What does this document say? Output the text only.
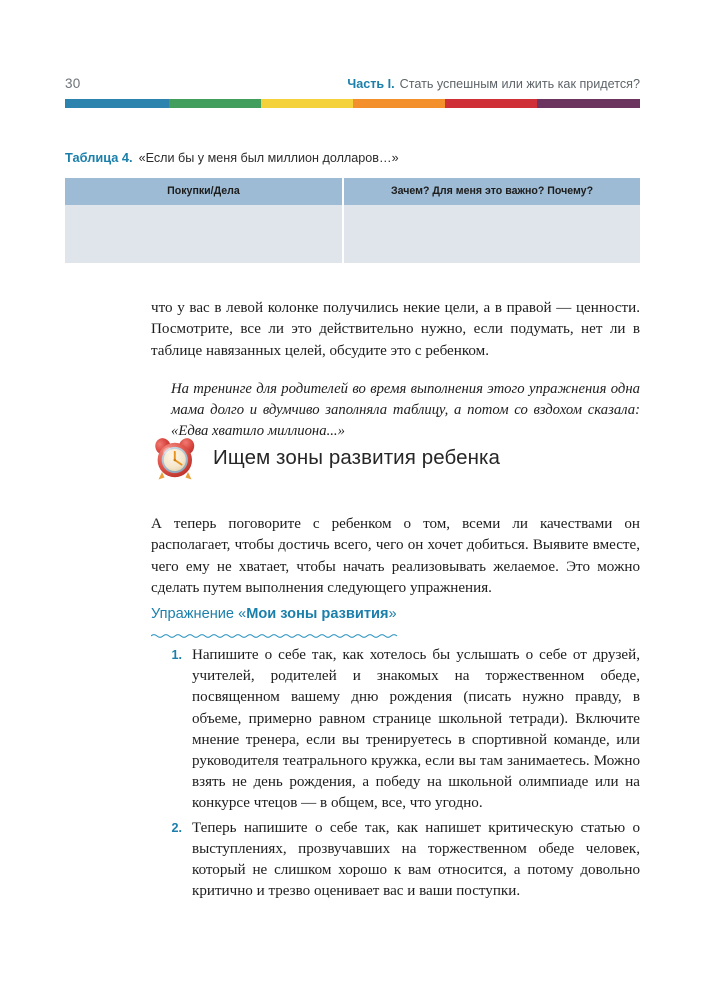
30	Часть I. Стать успешным или жить как придется?
Таблица 4. «Если бы у меня был миллион долларов…»
Покупки/Дела	Зачем? Для меня это важно? Почему?

что у вас в левой колонке получились некие цели, а в правой — ценности. Посмотрите, все ли это действительно нужно, если подумать, нет ли в таблице навязанных целей, обсудите это с ребенком.

На тренинге для родителей во время выполнения этого упражнения одна мама долго и вдумчиво заполняла таблицу, а потом со вздохом сказала: «Едва хватило миллиона...»

Ищем зоны развития ребенка

А теперь поговорите с ребенком о том, всеми ли качествами он располагает, чтобы достичь всего, чего он хочет добиться. Выявите вместе, чего ему не хватает, чтобы начать реализовывать желаемое. Это можно сделать путем выполнения следующего упражнения.

Упражнение «Мои зоны развития»
1. Напишите о себе так, как хотелось бы услышать о себе от друзей, учителей, родителей и знакомых на торжественном обеде, посвященном вашему дню рождения (писать нужно правду, в объеме, примерно равном странице школьной тетради). Включите мнение тренера, если вы тренируетесь в спортивной команде, или руководителя театрального кружка, если вы там занимаетесь. Можно взять не день рождения, а победу на школьной олимпиаде или на конкурсе чтецов — в общем, все, что угодно.
2. Теперь напишите о себе так, как напишет критическую статью о выступлениях, прозвучавших на торжественном обеде человек, который не слишком хорошо к вам относится, а потому довольно критично и трезво оценивает вас и ваши поступки.
